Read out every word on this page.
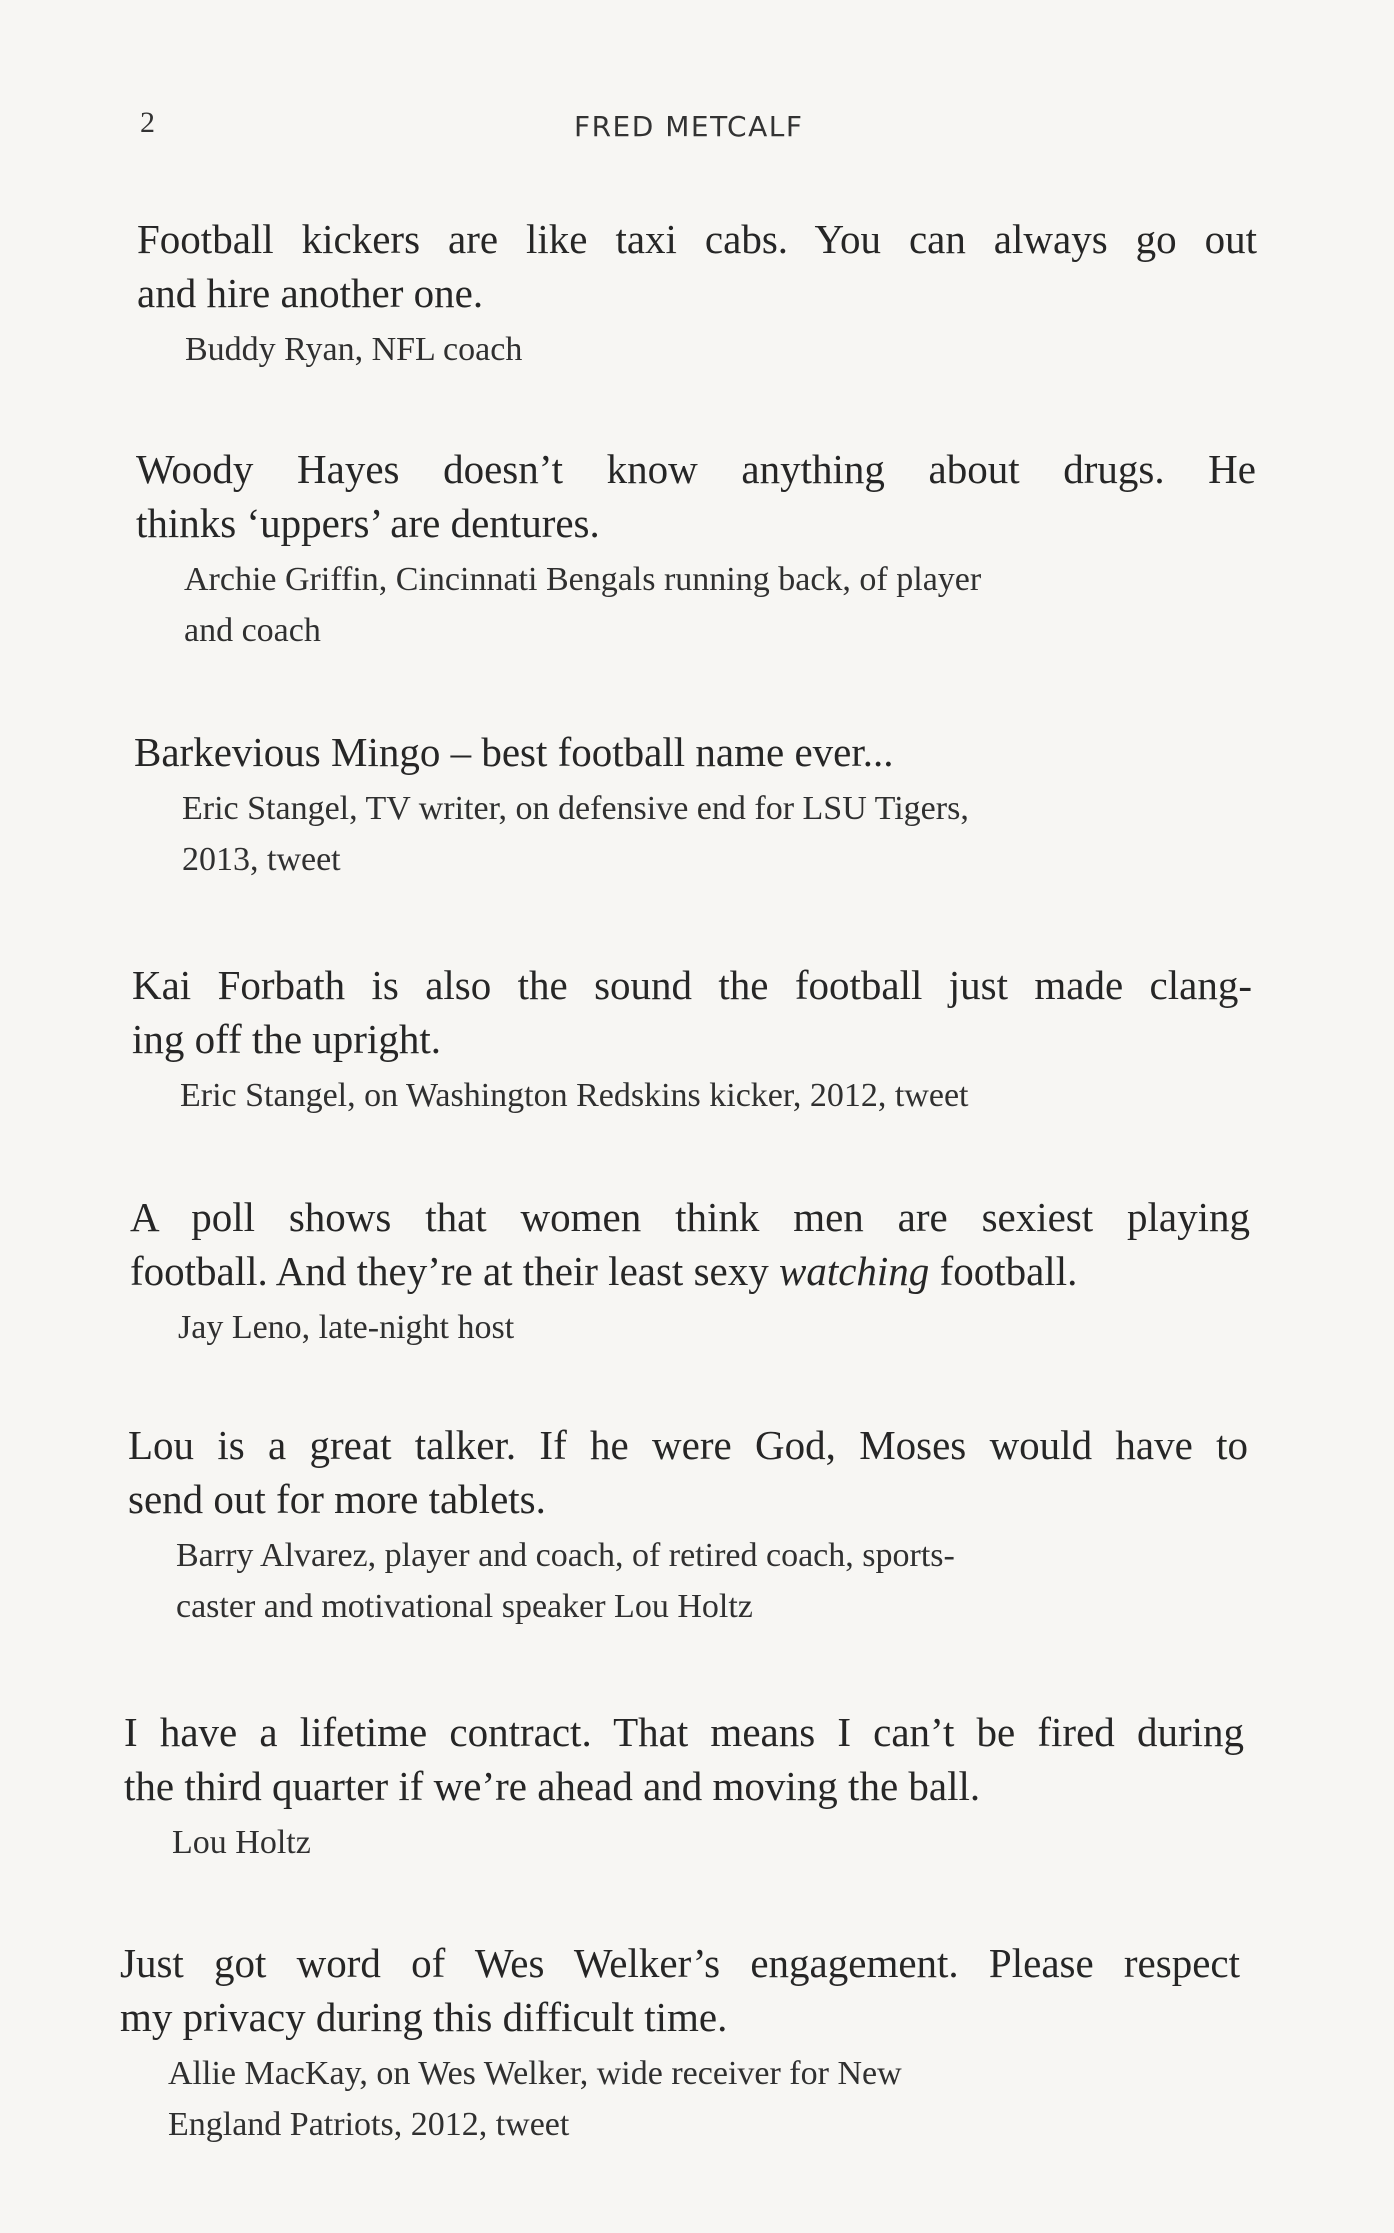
2	FRED METCALF
Football kickers are like taxi cabs. You can always go out
and hire another one.
Buddy Ryan, NFL coach
Woody Hayes doesn’t know anything about drugs. He
thinks ‘uppers’ are dentures.
Archie Griffin, Cincinnati Bengals running back, of player
and coach
Barkevious Mingo – best football name ever...
Eric Stangel, TV writer, on defensive end for LSU Tigers,
2013, tweet
Kai Forbath is also the sound the football just made clang-
ing off the upright.
Eric Stangel, on Washington Redskins kicker, 2012, tweet
A poll shows that women think men are sexiest playing
football. And they’re at their least sexy watching football.
Jay Leno, late-night host
Lou is a great talker. If he were God, Moses would have to
send out for more tablets.
Barry Alvarez, player and coach, of retired coach, sports-
caster and motivational speaker Lou Holtz
I have a lifetime contract. That means I can’t be fired during
the third quarter if we’re ahead and moving the ball.
Lou Holtz
Just got word of Wes Welker’s engagement. Please respect
my privacy during this difficult time.
Allie MacKay, on Wes Welker, wide receiver for New
England Patriots, 2012, tweet
